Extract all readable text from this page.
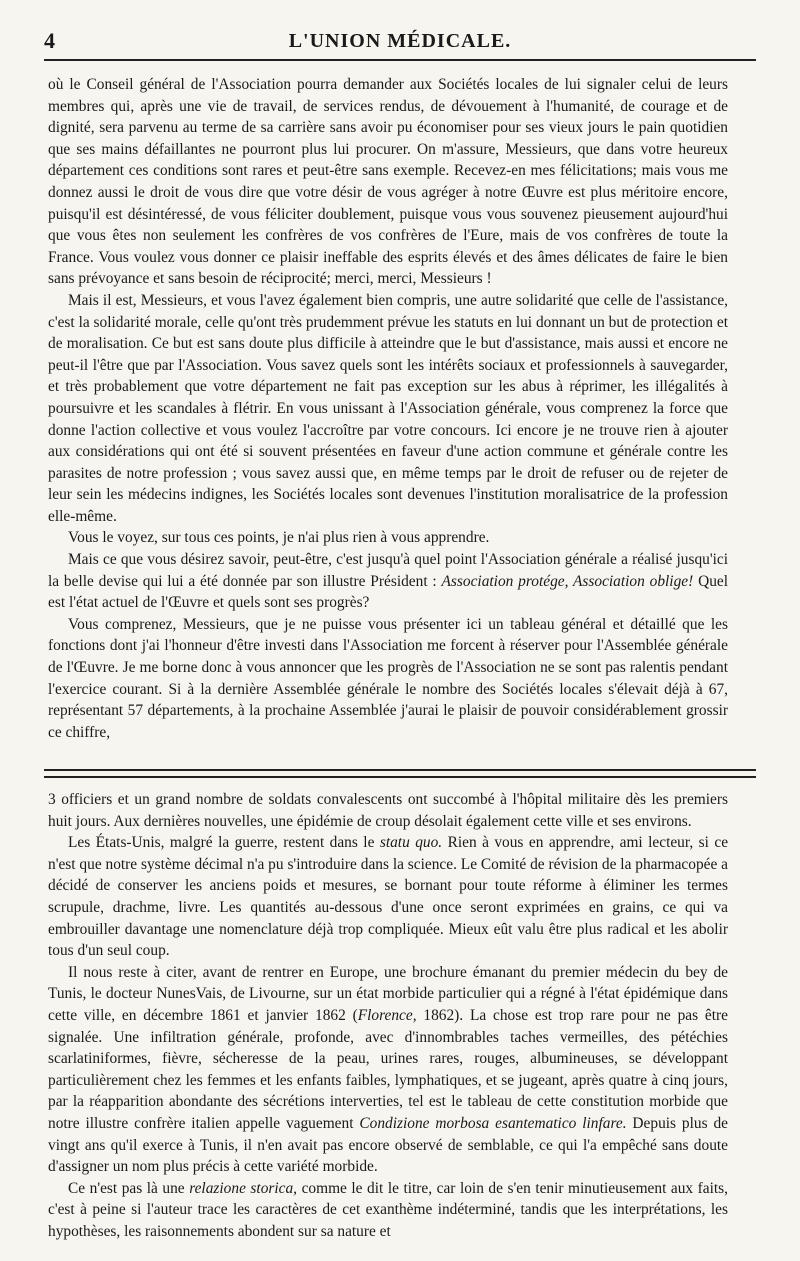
4	L'UNION MÉDICALE.

où le Conseil général de l'Association pourra demander aux Sociétés locales de lui signaler celui de leurs membres qui, après une vie de travail, de services rendus, de dévouement à l'humanité, de courage et de dignité, sera parvenu au terme de sa carrière sans avoir pu économiser pour ses vieux jours le pain quotidien que ses mains défaillantes ne pourront plus lui procurer. On m'assure, Messieurs, que dans votre heureux département ces conditions sont rares et peut-être sans exemple. Recevez-en mes félicitations; mais vous me donnez aussi le droit de vous dire que votre désir de vous agréger à notre Œuvre est plus méritoire encore, puisqu'il est désintéressé, de vous féliciter doublement, puisque vous vous souvenez pieusement aujourd'hui que vous êtes non seulement les confrères de vos confrères de l'Eure, mais de vos confrères de toute la France. Vous voulez vous donner ce plaisir ineffable des esprits élevés et des âmes délicates de faire le bien sans prévoyance et sans besoin de réciprocité; merci, merci, Messieurs !

Mais il est, Messieurs, et vous l'avez également bien compris, une autre solidarité que celle de l'assistance, c'est la solidarité morale, celle qu'ont très prudemment prévue les statuts en lui donnant un but de protection et de moralisation. Ce but est sans doute plus difficile à atteindre que le but d'assistance, mais aussi et encore ne peut-il l'être que par l'Association. Vous savez quels sont les intérêts sociaux et professionnels à sauvegarder, et très probablement que votre département ne fait pas exception sur les abus à réprimer, les illégalités à poursuivre et les scandales à flétrir. En vous unissant à l'Association générale, vous comprenez la force que donne l'action collective et vous voulez l'accroître par votre concours. Ici encore je ne trouve rien à ajouter aux considérations qui ont été si souvent présentées en faveur d'une action commune et générale contre les parasites de notre profession ; vous savez aussi que, en même temps par le droit de refuser ou de rejeter de leur sein les médecins indignes, les Sociétés locales sont devenues l'institution moralisatrice de la profession elle-même.

Vous le voyez, sur tous ces points, je n'ai plus rien à vous apprendre.

Mais ce que vous désirez savoir, peut-être, c'est jusqu'à quel point l'Association générale a réalisé jusqu'ici la belle devise qui lui a été donnée par son illustre Président : Association protége, Association oblige! Quel est l'état actuel de l'Œuvre et quels sont ses progrès?

Vous comprenez, Messieurs, que je ne puisse vous présenter ici un tableau général et détaillé que les fonctions dont j'ai l'honneur d'être investi dans l'Association me forcent à réserver pour l'Assemblée générale de l'Œuvre. Je me borne donc à vous annoncer que les progrès de l'Association ne se sont pas ralentis pendant l'exercice courant. Si à la dernière Assemblée générale le nombre des Sociétés locales s'élevait déjà à 67, représentant 57 départements, à la prochaine Assemblée j'aurai le plaisir de pouvoir considérablement grossir ce chiffre,

3 officiers et un grand nombre de soldats convalescents ont succombé à l'hôpital militaire dès les premiers huit jours. Aux dernières nouvelles, une épidémie de croup désolait également cette ville et ses environs.

Les États-Unis, malgré la guerre, restent dans le statu quo. Rien à vous en apprendre, ami lecteur, si ce n'est que notre système décimal n'a pu s'introduire dans la science. Le Comité de révision de la pharmacopée a décidé de conserver les anciens poids et mesures, se bornant pour toute réforme à éliminer les termes scrupule, drachme, livre. Les quantités au-dessous d'une once seront exprimées en grains, ce qui va embrouiller davantage une nomenclature déjà trop compliquée. Mieux eût valu être plus radical et les abolir tous d'un seul coup.

Il nous reste à citer, avant de rentrer en Europe, une brochure émanant du premier médecin du bey de Tunis, le docteur NunesVais, de Livourne, sur un état morbide particulier qui a régné à l'état épidémique dans cette ville, en décembre 1861 et janvier 1862 (Florence, 1862). La chose est trop rare pour ne pas être signalée. Une infiltration générale, profonde, avec d'innombrables taches vermeilles, des pétéchies scarlatiniformes, fièvre, sécheresse de la peau, urines rares, rouges, albumineuses, se développant particulièrement chez les femmes et les enfants faibles, lymphatiques, et se jugeant, après quatre à cinq jours, par la réapparition abondante des sécrétions interverties, tel est le tableau de cette constitution morbide que notre illustre confrère italien appelle vaguement Condizione morbosa esantematico linfare. Depuis plus de vingt ans qu'il exerce à Tunis, il n'en avait pas encore observé de semblable, ce qui l'a empêché sans doute d'assigner un nom plus précis à cette variété morbide.

Ce n'est pas là une relazione storica, comme le dit le titre, car loin de s'en tenir minutieusement aux faits, c'est à peine si l'auteur trace les caractères de cet exanthème indéterminé, tandis que les interprétations, les hypothèses, les raisonnements abondent sur sa nature et
